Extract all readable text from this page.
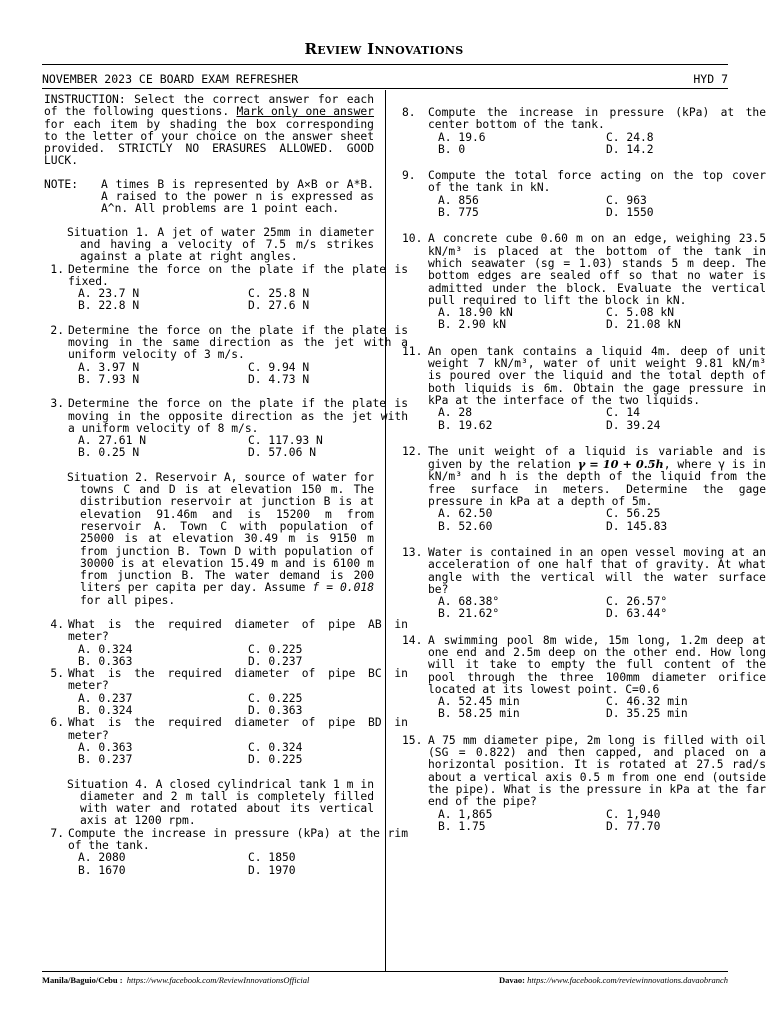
Review Innovations
NOVEMBER 2023 CE BOARD EXAM REFRESHER	HYD 7

INSTRUCTION: Select the correct answer for each of the following questions. Mark only one answer for each item by shading the box corresponding to the letter of your choice on the answer sheet provided. STRICTLY NO ERASURES ALLOWED. GOOD LUCK.

NOTE:	A times B is represented by A×B or A*B. A raised to the power n is expressed as A^n. All problems are 1 point each.

Situation 1. A jet of water 25mm in diameter and having a velocity of 7.5 m/s strikes against a plate at right angles.

1. Determine the force on the plate if the plate is fixed.

A. 23.7 N	C. 25.8 N
B. 22.8 N	D. 27.6 N
2. Determine the force on the plate if the plate is moving in the same direction as the jet with a uniform velocity of 3 m/s.

A. 3.97 N	C. 9.94 N
B. 7.93 N	D. 4.73 N
3. Determine the force on the plate if the plate is moving in the opposite direction as the jet with a uniform velocity of 8 m/s.

A. 27.61 N	C. 117.93 N
B. 0.25 N	D. 57.06 N

Situation 2. Reservoir A, source of water for towns C and D is at elevation 150 m. The distribution reservoir at junction B is at elevation 91.46m and is 15200 m from reservoir A. Town C with population of 25000 is at elevation 30.49 m is 9150 m from junction B. Town D with population of 30000 is at elevation 15.49 m and is 6100 m from junction B. The water demand is 200 liters per capita per day. Assume f = 0.018 for all pipes.

4. What is the required diameter of pipe AB in meter?

A. 0.324	C. 0.225
B. 0.363	D. 0.237
5. What is the required diameter of pipe BC in meter?

A. 0.237	C. 0.225
B. 0.324	D. 0.363
6. What is the required diameter of pipe BD in meter?

A. 0.363	C. 0.324
B. 0.237	D. 0.225

Situation 4. A closed cylindrical tank 1 m in diameter and 2 m tall is completely filled with water and rotated about its vertical axis at 1200 rpm.

7. Compute the increase in pressure (kPa) at the rim of the tank.

A. 2080	C. 1850
B. 1670	D. 1970
8.	Compute the increase in pressure (kPa) at the center bottom of the tank.

A. 19.6	C. 24.8
B. 0	D. 14.2
9.	Compute the total force acting on the top cover of the tank in kN.

A. 856	C. 963
B. 775	D. 1550
10. A concrete cube 0.60 m on an edge, weighing 23.5 kN/m³ is placed at the bottom of the tank in which seawater (sg = 1.03) stands 5 m deep. The bottom edges are sealed off so that no water is admitted under the block. Evaluate the vertical pull required to lift the block in kN.

A. 18.90 kN	C. 5.08 kN
B. 2.90 kN	D. 21.08 kN
11. An open tank contains a liquid 4m. deep of unit weight 7 kN/m³, water of unit weight 9.81 kN/m³ is poured over the liquid and the total depth of both liquids is 6m. Obtain the gage pressure in kPa at the interface of the two liquids.

A. 28	C. 14
B. 19.62	D. 39.24
12. The unit weight of a liquid is variable and is given by the relation γ = 10 + 0.5h, where γ is in kN/m³ and h is the depth of the liquid from the free surface in meters. Determine the gage pressure in kPa at a depth of 5m.

A. 62.50	C. 56.25
B. 52.60	D. 145.83
13. Water is contained in an open vessel moving at an acceleration of one half that of gravity. At what angle with the vertical will the water surface be?

A. 68.38°	C. 26.57°
B. 21.62°	D. 63.44°
14. A swimming pool 8m wide, 15m long, 1.2m deep at one end and 2.5m deep on the other end. How long will it take to empty the full content of the pool through the three 100mm diameter orifice located at its lowest point. C=0.6

A. 52.45 min	C. 46.32 min
B. 58.25 min	D. 35.25 min
15. A 75 mm diameter pipe, 2m long is filled with oil (SG = 0.822) and then capped, and placed on a horizontal position. It is rotated at 27.5 rad/s about a vertical axis 0.5 m from one end (outside the pipe). What is the pressure in kPa at the far end of the pipe?

A. 1,865	C. 1,940
B. 1.75	D. 77.70
Manila/Baguio/Cebu : https://www.facebook.com/ReviewInnovationsOfficial	Davao: https://www.facebook.com/reviewinnovations.davaobranch
